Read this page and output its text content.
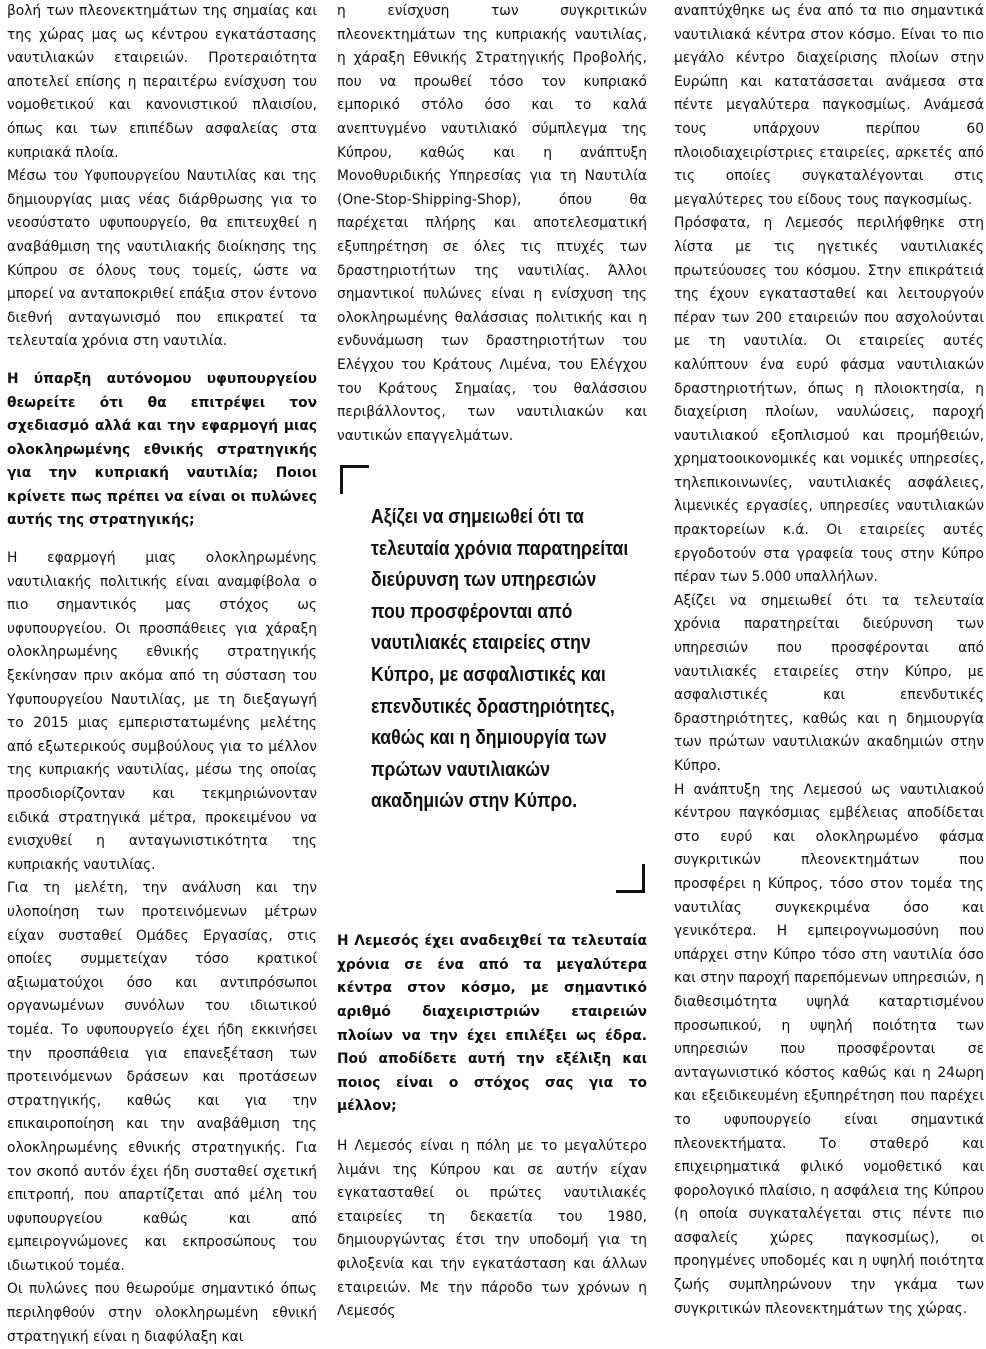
βολή των πλεονεκτημάτων της σημαίας και της χώρας μας ως κέντρου εγκατάστασης ναυτιλιακών εταιρειών. Προτεραιότητα αποτελεί επίσης η περαιτέρω ενίσχυση του νομοθετικού και κανονιστικού πλαισίου, όπως και των επιπέδων ασφαλείας στα κυπριακά πλοία.

Μέσω του Υφυπουργείου Ναυτιλίας και της δημιουργίας μιας νέας διάρθρωσης για το νεοσύστατο υφυπουργείο, θα επιτευχθεί η αναβάθμιση της ναυτιλιακής διοίκησης της Κύπρου σε όλους τους τομείς, ώστε να μπορεί να ανταποκριθεί επάξια στον έντονο διεθνή ανταγωνισμό που επικρατεί τα τελευταία χρόνια στη ναυτιλία.

Η ύπαρξη αυτόνομου υφυπουργείου θεωρείτε ότι θα επιτρέψει τον σχεδιασμό αλλά και την εφαρμογή μιας ολοκληρωμένης εθνικής στρατηγικής για την κυπριακή ναυτιλία; Ποιοι κρίνετε πως πρέπει να είναι οι πυλώνες αυτής της στρατηγικής;

Η εφαρμογή μιας ολοκληρωμένης ναυτιλιακής πολιτικής είναι αναμφίβολα ο πιο σημαντικός μας στόχος ως υφυπουργείου. Οι προσπάθειες για χάραξη ολοκληρωμένης εθνικής στρατηγικής ξεκίνησαν πριν ακόμα από τη σύσταση του Υφυπουργείου Ναυτιλίας, με τη διεξαγωγή το 2015 μιας εμπεριστατωμένης μελέτης από εξωτερικούς συμβούλους για το μέλλον της κυπριακής ναυτιλίας, μέσω της οποίας προσδιορίζονταν και τεκμηριώνονταν ειδικά στρατηγικά μέτρα, προκειμένου να ενισχυθεί η ανταγωνιστικότητα της κυπριακής ναυτιλίας.

Για τη μελέτη, την ανάλυση και την υλοποίηση των προτεινόμενων μέτρων είχαν συσταθεί Ομάδες Εργασίας, στις οποίες συμμετείχαν τόσο κρατικοί αξιωματούχοι όσο και αντιπρόσωποι οργανωμένων συνόλων του ιδιωτικού τομέα. Το υφυπουργείο έχει ήδη εκκινήσει την προσπάθεια για επανεξέταση των προτεινόμενων δράσεων και προτάσεων στρατηγικής, καθώς και για την επικαιροποίηση και την αναβάθμιση της ολοκληρωμένης εθνικής στρατηγικής. Για τον σκοπό αυτόν έχει ήδη συσταθεί σχετική επιτροπή, που απαρτίζεται από μέλη του υφυπουργείου καθώς και από εμπειρογνώμονες και εκπροσώπους του ιδιωτικού τομέα.

Οι πυλώνες που θεωρούμε σημαντικό όπως περιληφθούν στην ολοκληρωμένη εθνική στρατηγική είναι η διαφύλαξη και

η ενίσχυση των συγκριτικών πλεονεκτημάτων της κυπριακής ναυτιλίας, η χάραξη Εθνικής Στρατηγικής Προβολής, που να προωθεί τόσο τον κυπριακό εμπορικό στόλο όσο και το καλά ανεπτυγμένο ναυτιλιακό σύμπλεγμα της Κύπρου, καθώς και η ανάπτυξη Μονοθυριδικής Υπηρεσίας για τη Ναυτιλία (One-Stop-Shipping-Shop), όπου θα παρέχεται πλήρης και αποτελεσματική εξυπηρέτηση σε όλες τις πτυχές των δραστηριοτήτων της ναυτιλίας. Άλλοι σημαντικοί πυλώνες είναι η ενίσχυση της ολοκληρωμένης θαλάσσιας πολιτικής και η ενδυνάμωση των δραστηριοτήτων του Ελέγχου του Κράτους Λιμένα, του Ελέγχου του Κράτους Σημαίας, του θαλάσσιου περιβάλλοντος, των ναυτιλιακών και ναυτικών επαγγελμάτων.

Η Λεμεσός έχει αναδειχθεί τα τελευταία χρόνια σε ένα από τα μεγαλύτερα κέντρα στον κόσμο, με σημαντικό αριθμό διαχειριστριών εταιρειών πλοίων να την έχει επιλέξει ως έδρα. Πού αποδίδετε αυτή την εξέλιξη και ποιος είναι ο στόχος σας για το μέλλον;

Η Λεμεσός είναι η πόλη με το μεγαλύτερο λιμάνι της Κύπρου και σε αυτήν είχαν εγκατασταθεί οι πρώτες ναυτιλιακές εταιρείες τη δεκαετία του 1980, δημιουργώντας έτσι την υποδομή για τη φιλοξενία και την εγκατάσταση και άλλων εταιρειών. Με την πάροδο των χρόνων η Λεμεσός

Αξίζει να σημειωθεί ότι τα τελευταία χρόνια παρατηρείται διεύρυνση των υπηρεσιών που προσφέρονται από ναυτιλιακές εταιρείες στην Κύπρο, με ασφαλιστικές και επενδυτικές δραστηριότητες, καθώς και η δημιουργία των πρώτων ναυτιλιακών ακαδημιών στην Κύπρο.

αναπτύχθηκε ως ένα από τα πιο σημαντικά ναυτιλιακά κέντρα στον κόσμο. Είναι το πιο μεγάλο κέντρο διαχείρισης πλοίων στην Ευρώπη και κατατάσσεται ανάμεσα στα πέντε μεγαλύτερα παγκοσμίως. Ανάμεσά τους υπάρχουν περίπου 60 πλοιοδιαχειρίστριες εταιρείες, αρκετές από τις οποίες συγκαταλέγονται στις μεγαλύτερες του είδους τους παγκοσμίως.

Πρόσφατα, η Λεμεσός περιλήφθηκε στη λίστα με τις ηγετικές ναυτιλιακές πρωτεύουσες του κόσμου. Στην επικράτειά της έχουν εγκατασταθεί και λειτουργούν πέραν των 200 εταιρειών που ασχολούνται με τη ναυτιλία. Οι εταιρείες αυτές καλύπτουν ένα ευρύ φάσμα ναυτιλιακών δραστηριοτήτων, όπως η πλοιοκτησία, η διαχείριση πλοίων, ναυλώσεις, παροχή ναυτιλιακού εξοπλισμού και προμήθειών, χρηματοοικονομικές και νομικές υπηρεσίες, τηλεπικοινωνίες, ναυτιλιακές ασφάλειες, λιμενικές εργασίες, υπηρεσίες ναυτιλιακών πρακτορείων κ.ά. Οι εταιρείες αυτές εργοδοτούν στα γραφεία τους στην Κύπρο πέραν των 5.000 υπαλλήλων.

Αξίζει να σημειωθεί ότι τα τελευταία χρόνια παρατηρείται διεύρυνση των υπηρεσιών που προσφέρονται από ναυτιλιακές εταιρείες στην Κύπρο, με ασφαλιστικές και επενδυτικές δραστηριότητες, καθώς και η δημιουργία των πρώτων ναυτιλιακών ακαδημιών στην Κύπρο.

Η ανάπτυξη της Λεμεσού ως ναυτιλιακού κέντρου παγκόσμιας εμβέλειας αποδίδεται στο ευρύ και ολοκληρωμένο φάσμα συγκριτικών πλεονεκτημάτων που προσφέρει η Κύπρος, τόσο στον τομέα της ναυτιλίας συγκεκριμένα όσο και γενικότερα. Η εμπειρογνωμοσύνη που υπάρχει στην Κύπρο τόσο στη ναυτιλία όσο και στην παροχή παρεπόμενων υπηρεσιών, η διαθεσιμότητα υψηλά καταρτισμένου προσωπικού, η υψηλή ποιότητα των υπηρεσιών που προσφέρονται σε ανταγωνιστικό κόστος καθώς και η 24ωρη και εξειδικευμένη εξυπηρέτηση που παρέχει το υφυπουργείο είναι σημαντικά πλεονεκτήματα. Το σταθερό και επιχειρηματικά φιλικό νομοθετικό και φορολογικό πλαίσιο, η ασφάλεια της Κύπρου (η οποία συγκαταλέγεται στις πέντε πιο ασφαλείς χώρες παγκοσμίως), οι προηγμένες υποδομές και η υψηλή ποιότητα ζωής συμπληρώνουν την γκάμα των συγκριτικών πλεονεκτημάτων της χώρας.
